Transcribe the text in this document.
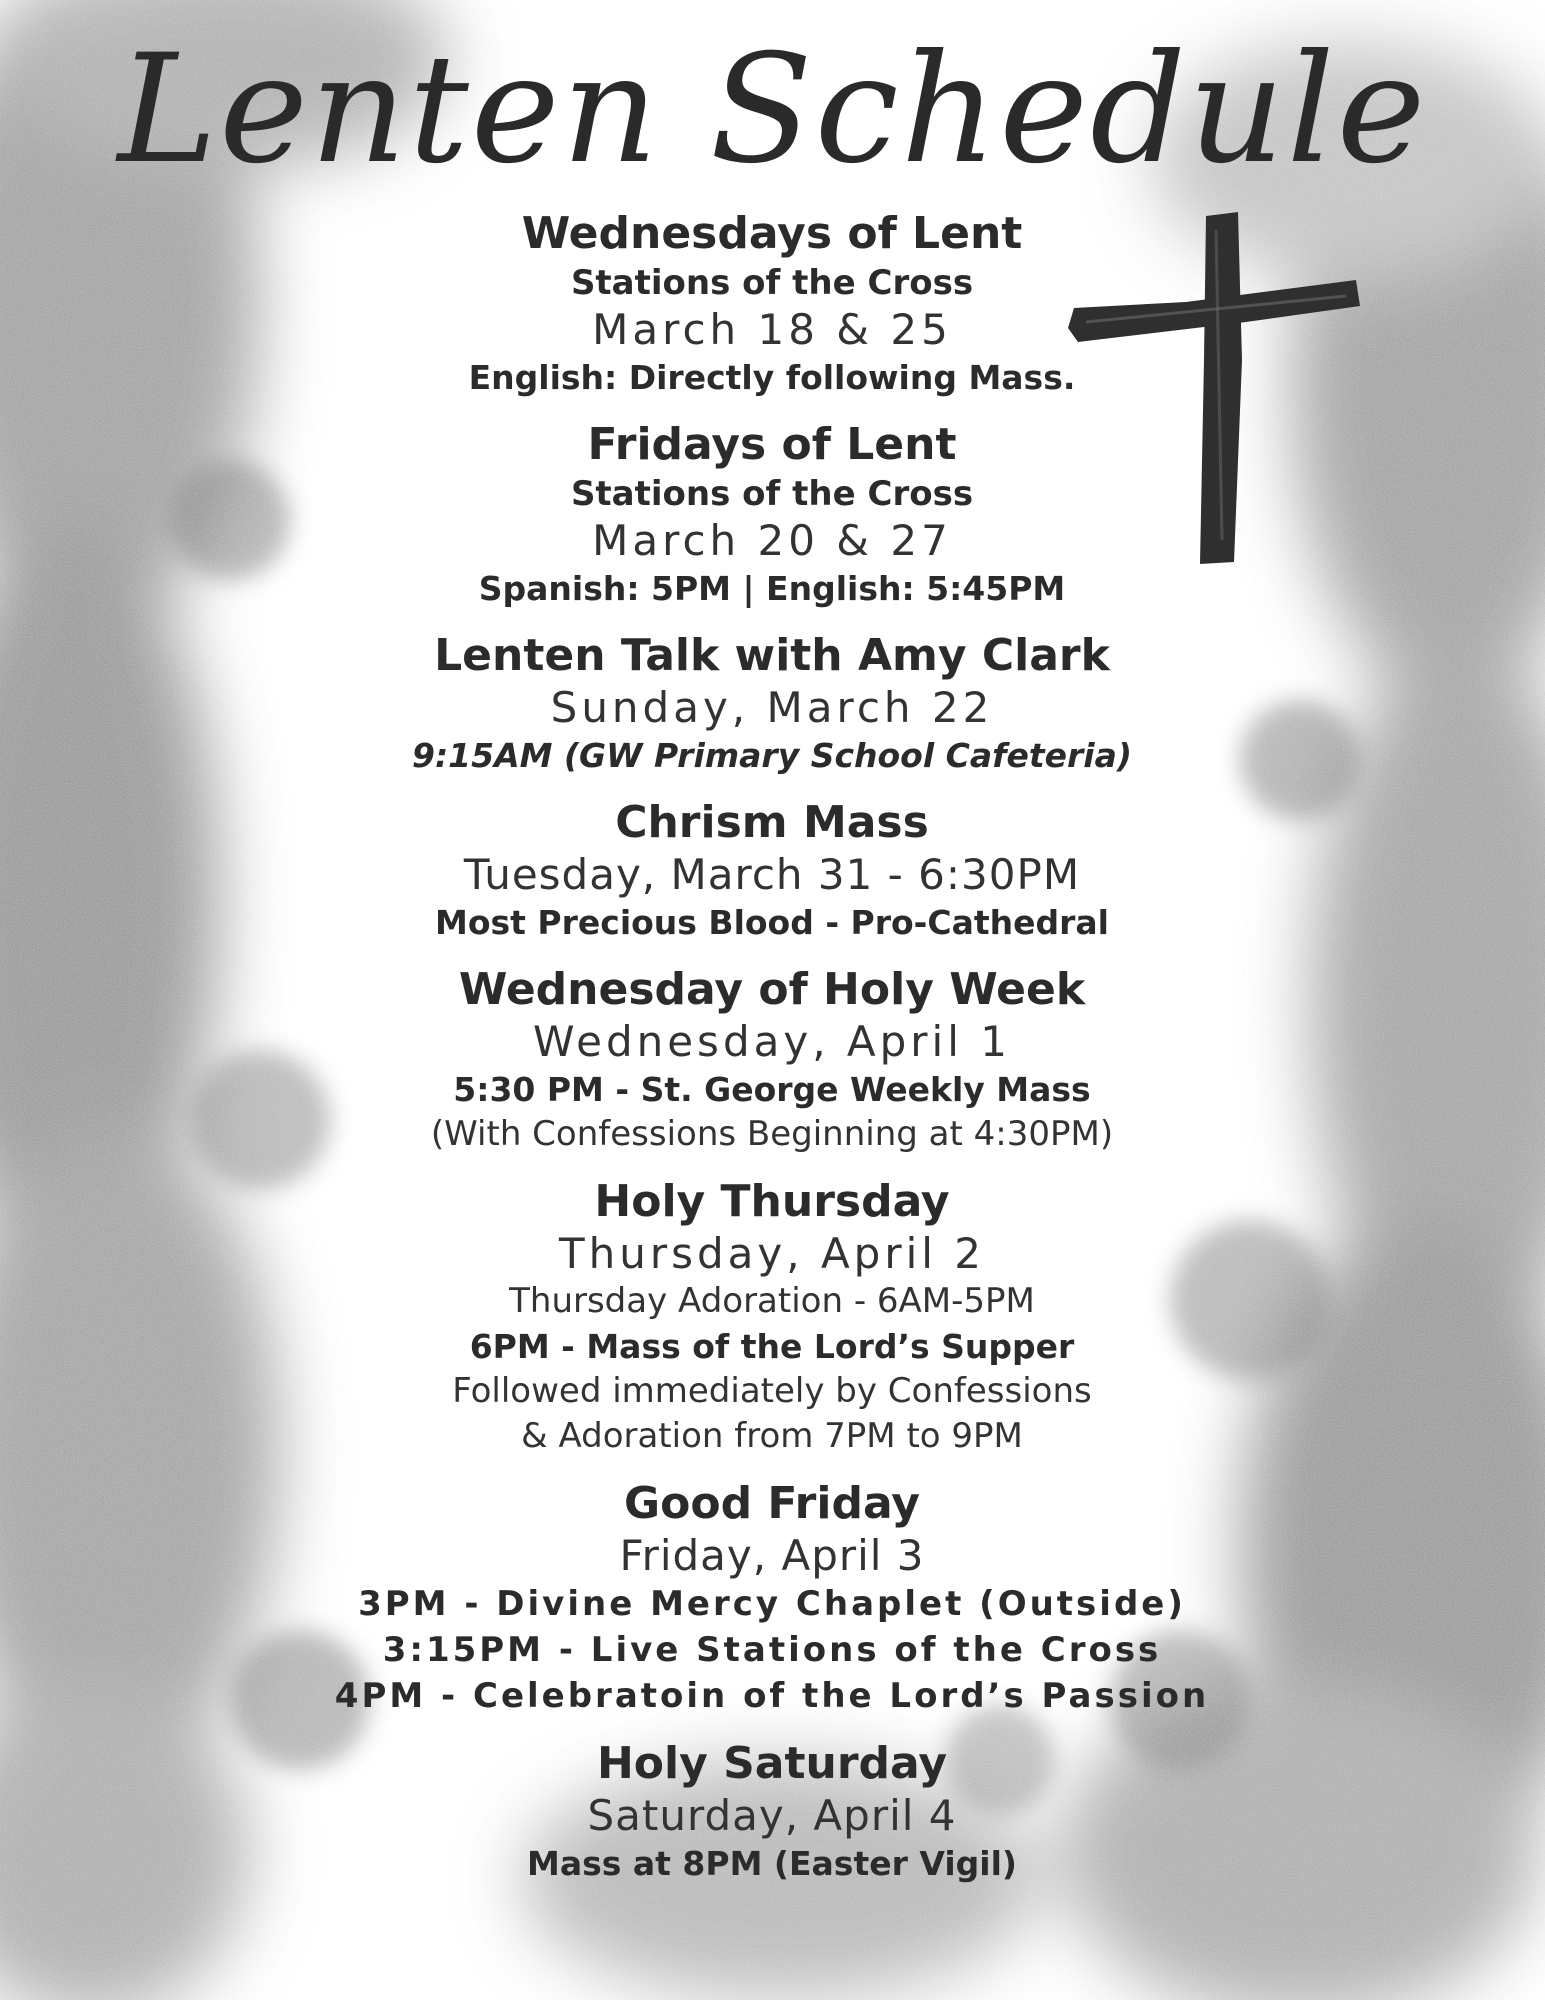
Lenten Schedule
Wednesdays of Lent
Stations of the Cross
March 18 & 25
English: Directly following Mass.
Fridays of Lent
Stations of the Cross
March 20 & 27
Spanish: 5PM | English: 5:45PM
Lenten Talk with Amy Clark
Sunday, March 22
9:15AM (GW Primary School Cafeteria)
Chrism Mass
Tuesday, March 31 - 6:30PM
Most Precious Blood - Pro-Cathedral
Wednesday of Holy Week
Wednesday, April 1
5:30 PM - St. George Weekly Mass
(With Confessions Beginning at 4:30PM)
Holy Thursday
Thursday, April 2
Thursday Adoration - 6AM-5PM
6PM - Mass of the Lord’s Supper
Followed immediately by Confessions
& Adoration from 7PM to 9PM
Good Friday
Friday, April 3
3PM - Divine Mercy Chaplet (Outside)
3:15PM - Live Stations of the Cross
4PM - Celebratoin of the Lord’s Passion
Holy Saturday
Saturday, April 4
Mass at 8PM (Easter Vigil)
